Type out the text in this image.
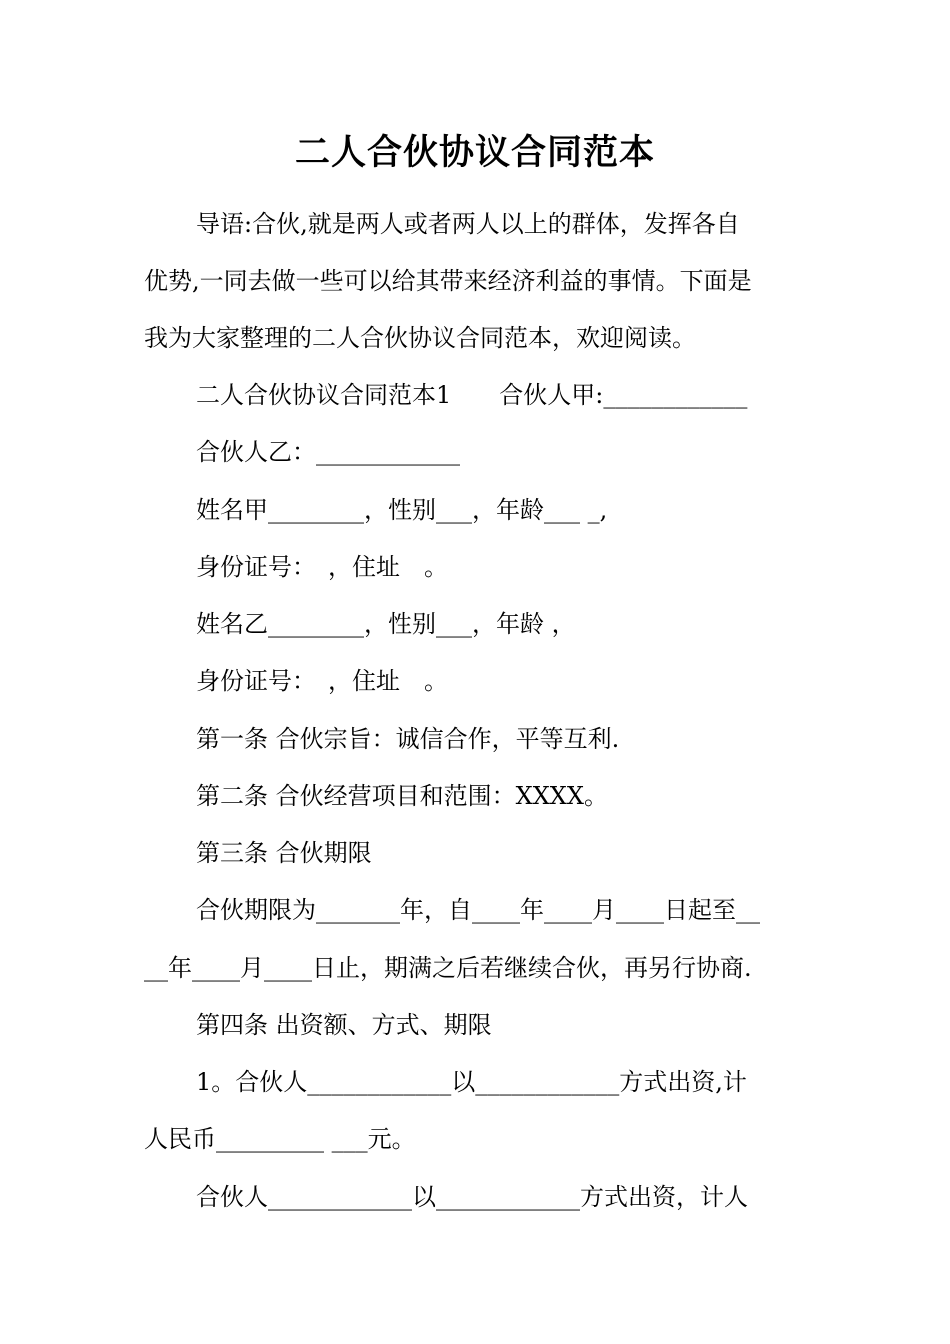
二人合伙协议合同范本
导语:合伙,就是两人或者两人以上的群体，发挥各自
优势,一同去做一些可以给其带来经济利益的事情。下面是
我为大家整理的二人合伙协议合同范本，欢迎阅读。
二人合伙协议合同范本1　　合伙人甲:____________
合伙人乙：____________
姓名甲________，性别___，年龄___ _,
身份证号：　，住址　。
姓名乙________，性别___，年龄 ，
身份证号：　，住址　。
第一条 合伙宗旨：诚信合作，平等互利.
第二条 合伙经营项目和范围：XXXX。
第三条 合伙期限
合伙期限为_______年，自____年____月____日起至__
__年____月____日止，期满之后若继续合伙，再另行协商.
第四条 出资额、方式、期限
1。合伙人____________以____________方式出资,计
人民币_________ ___元。
合伙人____________以____________方式出资，计人
